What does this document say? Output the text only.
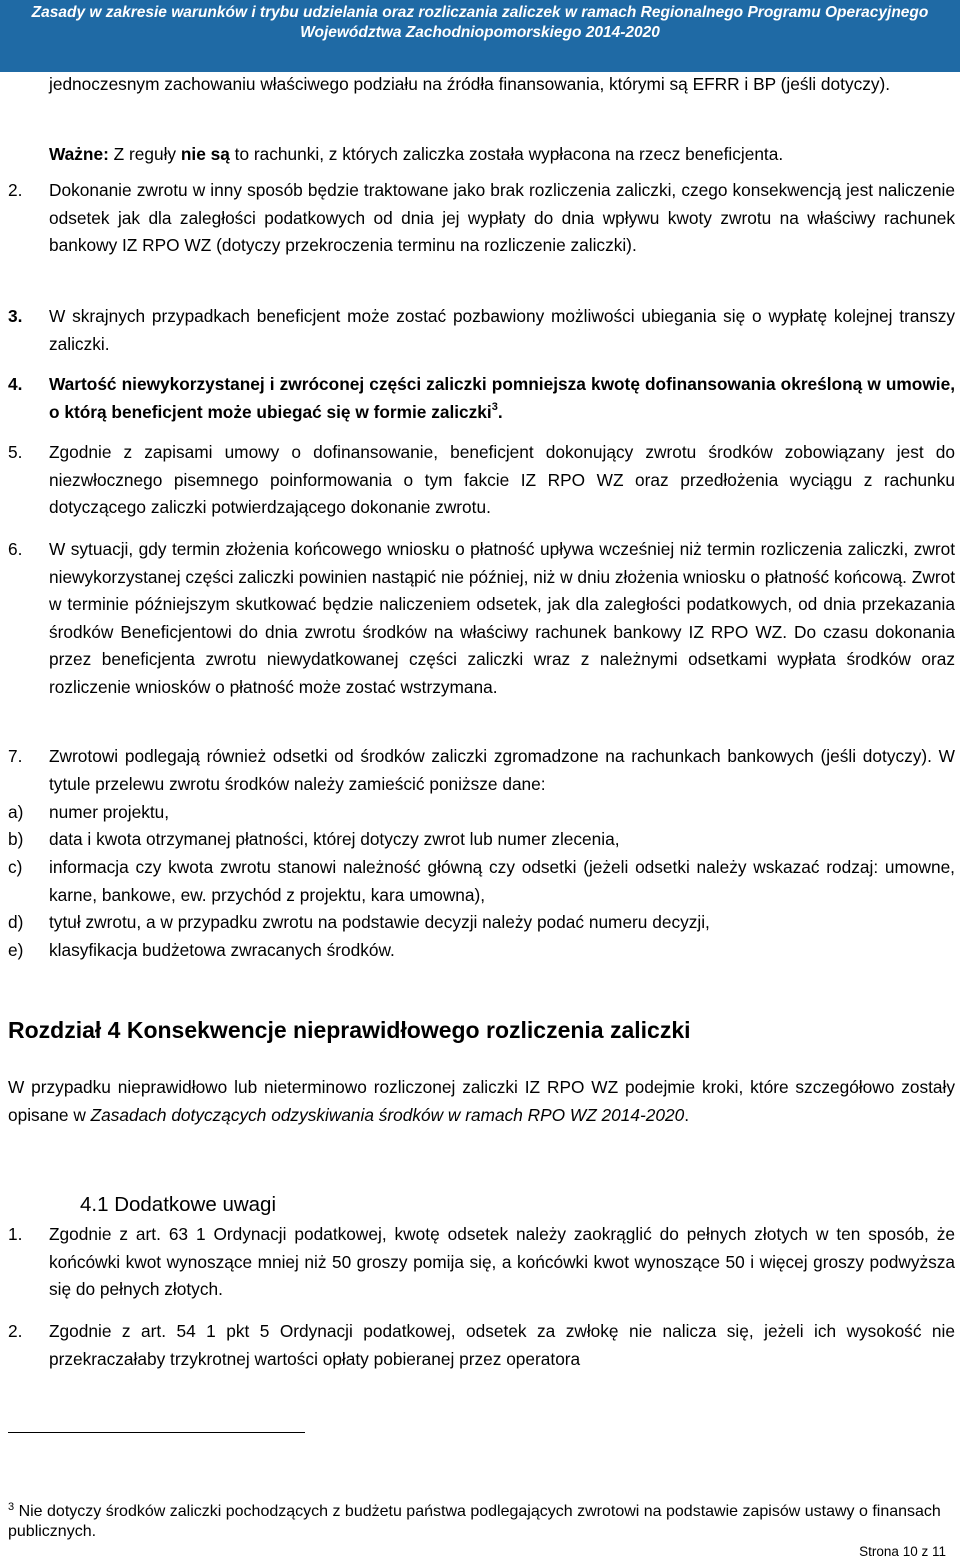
Zasady w zakresie warunków i trybu udzielania oraz rozliczania zaliczek w ramach Regionalnego Programu Operacyjnego
Województwa Zachodniopomorskiego 2014-2020
jednoczesnym zachowaniu właściwego podziału na źródła finansowania, którymi są EFRR i BP (jeśli dotyczy).
Ważne: Z reguły nie są to rachunki, z których zaliczka została wypłacona na rzecz beneficjenta.
2. Dokonanie zwrotu w inny sposób będzie traktowane jako brak rozliczenia zaliczki, czego konsekwencją jest naliczenie odsetek jak dla zaległości podatkowych od dnia jej wypłaty do dnia wpływu kwoty zwrotu na właściwy rachunek bankowy IZ RPO WZ (dotyczy przekroczenia terminu na rozliczenie zaliczki).
3. W skrajnych przypadkach beneficjent może zostać pozbawiony możliwości ubiegania się o wypłatę kolejnej transzy zaliczki.
4. Wartość niewykorzystanej i zwróconej części zaliczki pomniejsza kwotę dofinansowania określoną w umowie, o którą beneficjent może ubiegać się w formie zaliczki$^3$.
5. Zgodnie z zapisami umowy o dofinansowanie, beneficjent dokonujący zwrotu środków zobowiązany jest do niezwłocznego pisemnego poinformowania o tym fakcie IZ RPO WZ oraz przedłożenia wyciągu z rachunku dotyczącego zaliczki potwierdzającego dokonanie zwrotu.
6. W sytuacji, gdy termin złożenia końcowego wniosku o płatność upływa wcześniej niż termin rozliczenia zaliczki, zwrot niewykorzystanej części zaliczki powinien nastąpić nie później, niż w dniu złożenia wniosku o płatność końcową. Zwrot w terminie późniejszym skutkować będzie naliczeniem odsetek, jak dla zaległości podatkowych, od dnia przekazania środków Beneficjentowi do dnia zwrotu środków na właściwy rachunek bankowy IZ RPO WZ. Do czasu dokonania przez beneficjenta zwrotu niewydatkowanej części zaliczki wraz z należnymi odsetkami wypłata środków oraz rozliczenie wniosków o płatność może zostać wstrzymana.
7. Zwrotowi podlegają również odsetki od środków zaliczki zgromadzone na rachunkach bankowych (jeśli dotyczy). W tytule przelewu zwrotu środków należy zamieścić poniższe dane:
a) numer projektu,
b) data i kwota otrzymanej płatności, której dotyczy zwrot lub numer zlecenia,
c) informacja czy kwota zwrotu stanowi należność główną czy odsetki (jeżeli odsetki należy wskazać rodzaj: umowne, karne, bankowe, ew. przychód z projektu, kara umowna),
d) tytuł zwrotu, a w przypadku zwrotu na podstawie decyzji należy podać numeru decyzji,
e) klasyfikacja budżetowa zwracanych środków.
Rozdział 4 Konsekwencje nieprawidłowego rozliczenia zaliczki
W przypadku nieprawidłowo lub nieterminowo rozliczonej zaliczki IZ RPO WZ podejmie kroki, które szczegółowo zostały opisane w Zasadach dotyczących odzyskiwania środków w ramach RPO WZ 2014-2020.
4.1 Dodatkowe uwagi
1. Zgodnie z art. 63 1 Ordynacji podatkowej, kwotę odsetek należy zaokrąglić do pełnych złotych w ten sposób, że końcówki kwot wynoszące mniej niż 50 groszy pomija się, a końcówki kwot wynoszące 50 i więcej groszy podwyższa się do pełnych złotych.
2. Zgodnie z art. 54 1 pkt 5 Ordynacji podatkowej, odsetek za zwłokę nie nalicza się, jeżeli ich wysokość nie przekraczałaby trzykrotnej wartości opłaty pobieranej przez operatora
$^3$ Nie dotyczy środków zaliczki pochodzących z budżetu państwa podlegających zwrotowi na podstawie zapisów ustawy o finansach publicznych.
Strona 10 z 11
